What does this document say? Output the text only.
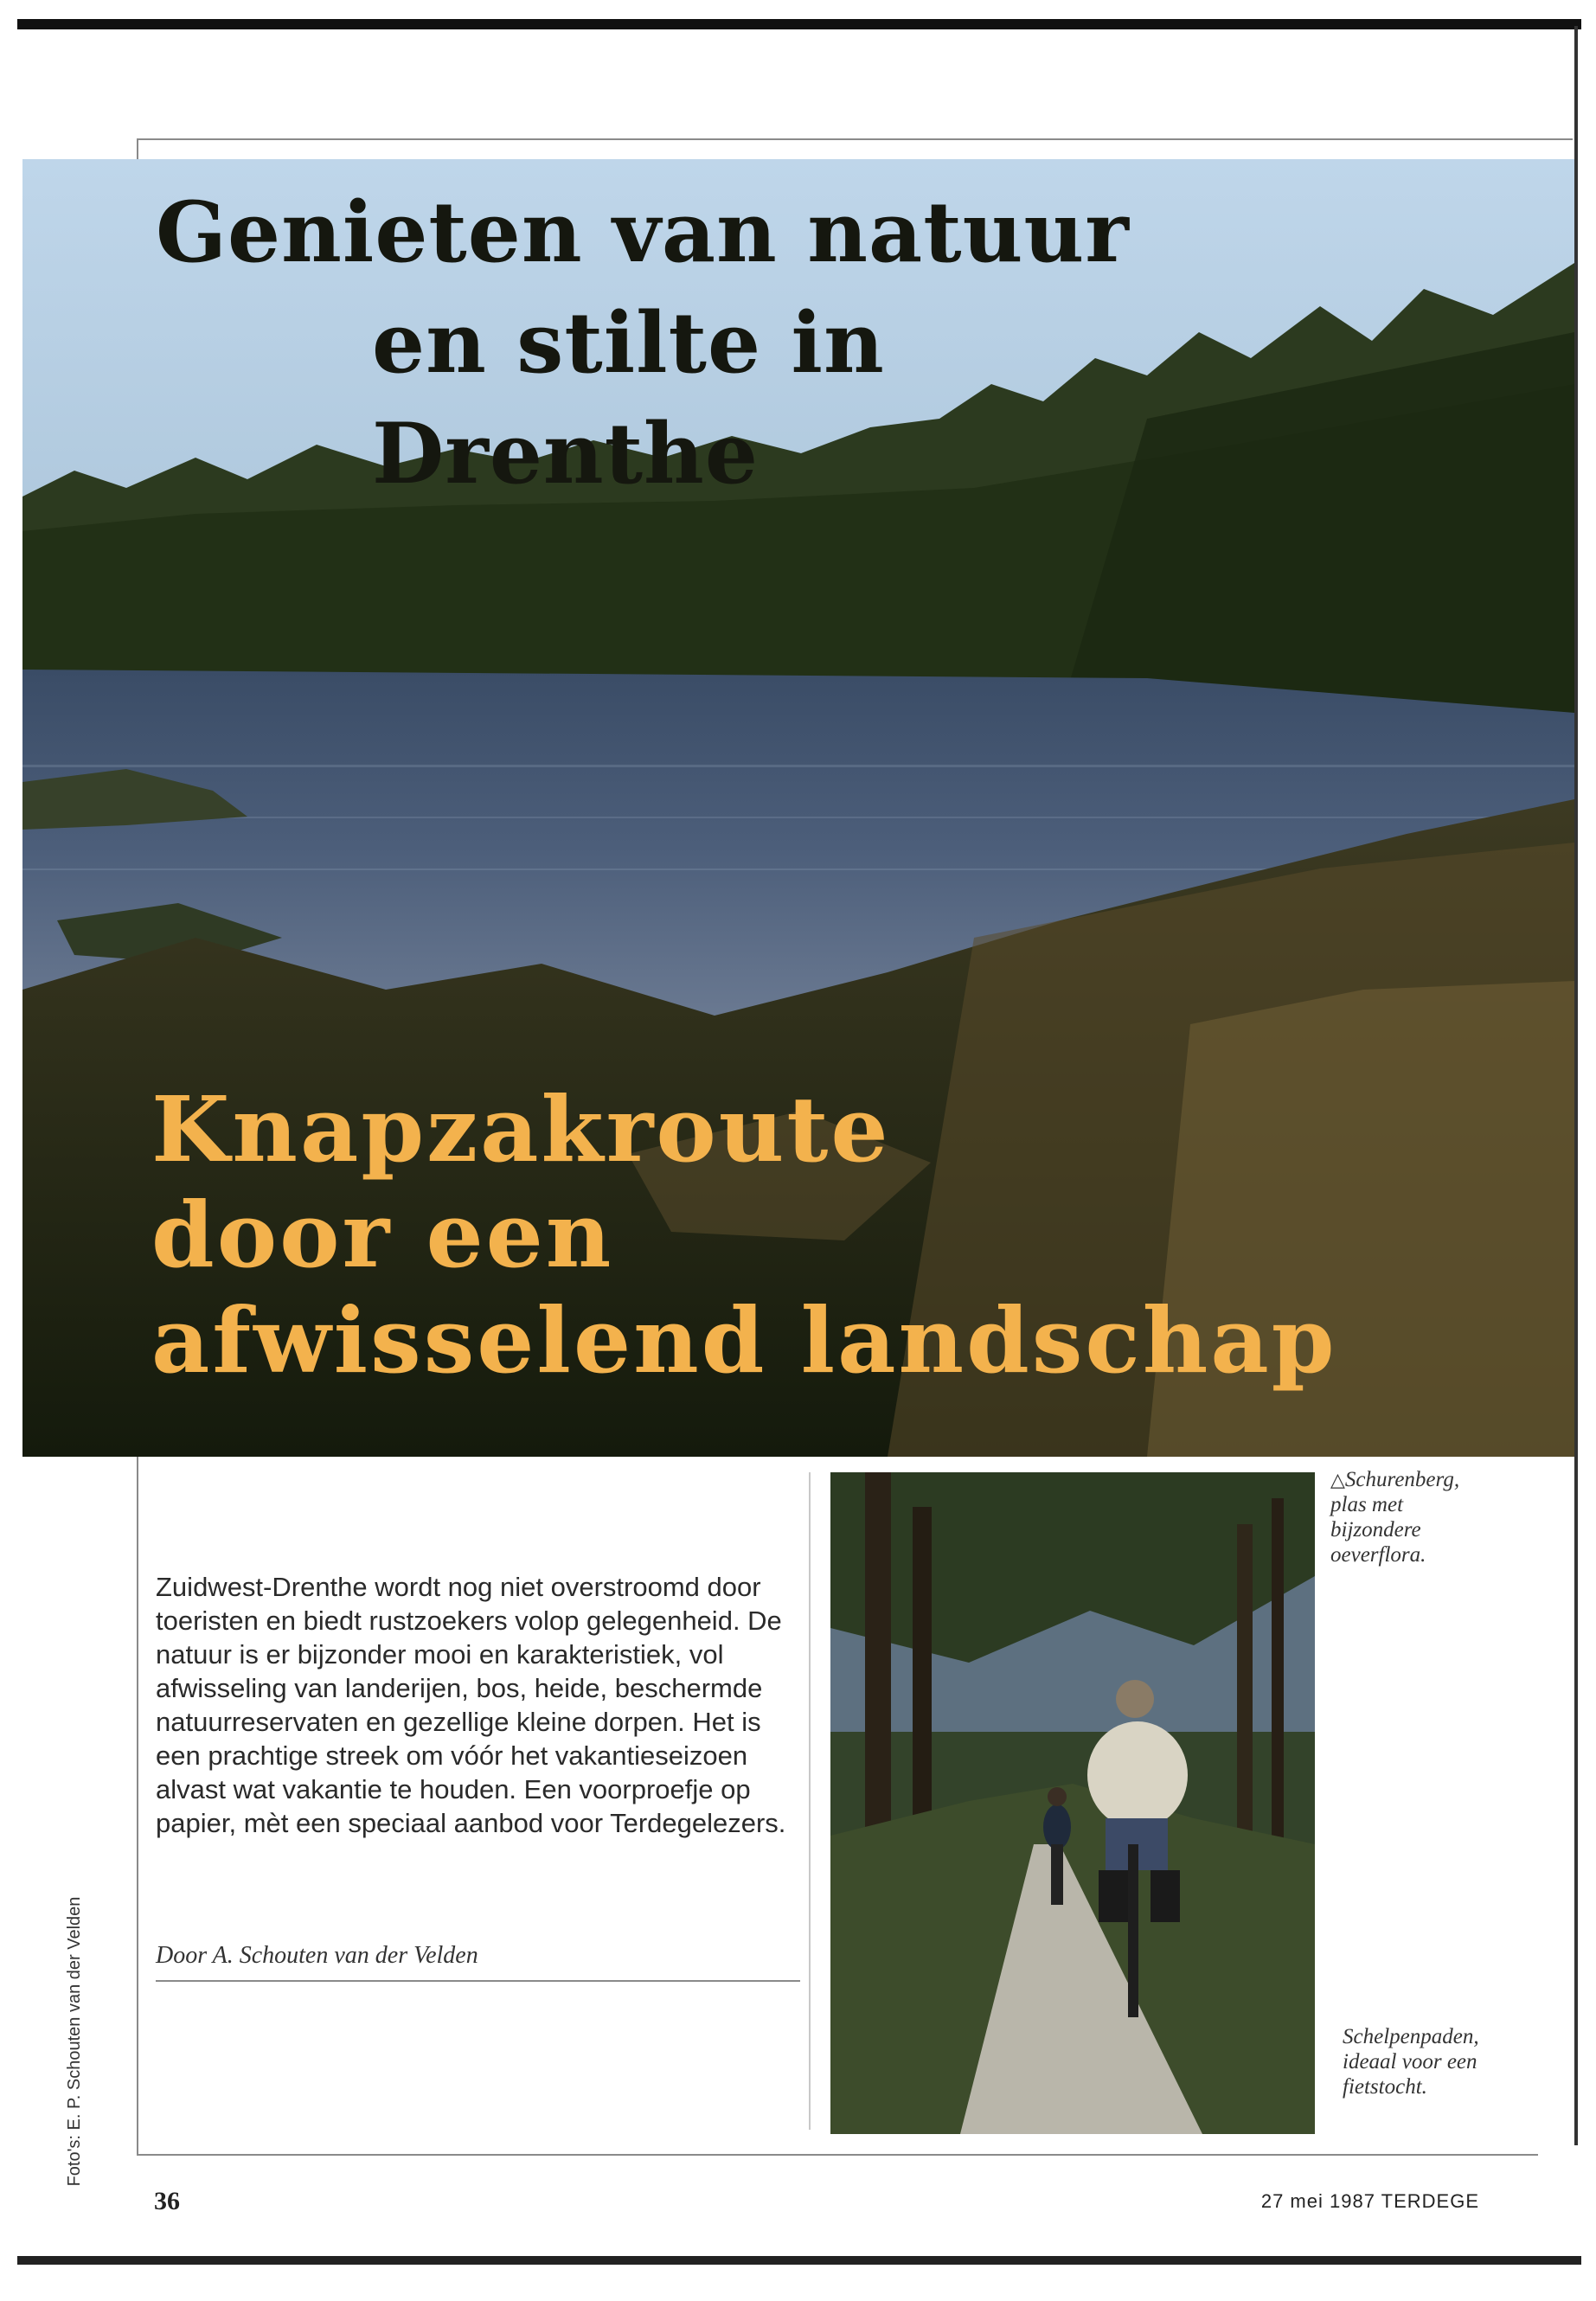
Genieten van natuur
en stilte in Drenthe
Knapzakroute
door een
afwisselend landschap
△Schurenberg, plas met bijzondere oeverflora.
Foto's: E. P. Schouten van der Velden
Zuidwest-Drenthe wordt nog niet overstroomd door toeristen en biedt rustzoekers volop gelegenheid. De natuur is er bijzonder mooi en karakteristiek, vol afwisseling van landerijen, bos, heide, beschermde natuurreservaten en gezellige kleine dorpen. Het is een prachtige streek om vóór het vakantieseizoen alvast wat vakantie te houden. Een voorproefje op papier, mèt een speciaal aanbod voor Terdegelezers.
Door A. Schouten van der Velden
Schelpenpaden, ideaal voor een fietstocht.
36	27 mei 1987 TERDEGE
